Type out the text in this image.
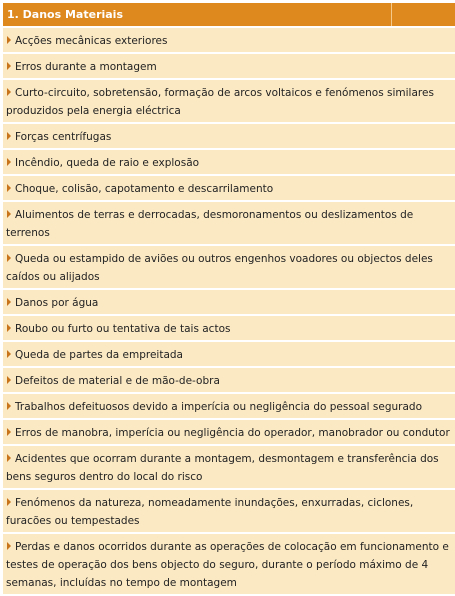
1. Danos Materiais	
Acções mecânicas exteriores
Erros durante a montagem
Curto-circuito, sobretensão, formação de arcos voltaicos e fenómenos similares produzidos pela energia eléctrica
Forças centrífugas
Incêndio, queda de raio e explosão
Choque, colisão, capotamento e descarrilamento
Aluimentos de terras e derrocadas, desmoronamentos ou deslizamentos de terrenos
Queda ou estampido de aviões ou outros engenhos voadores ou objectos deles caídos ou alijados
Danos por água
Roubo ou furto ou tentativa de tais actos
Queda de partes da empreitada
Defeitos de material e de mão-de-obra
Trabalhos defeituosos devido a imperícia ou negligência do pessoal segurado
Erros de manobra, imperícia ou negligência do operador, manobrador ou condutor
Acidentes que ocorram durante a montagem, desmontagem e transferência dos bens seguros dentro do local do risco
Fenómenos da natureza, nomeadamente inundações, enxurradas, ciclones, furacões ou tempestades
Perdas e danos ocorridos durante as operações de colocação em funcionamento e testes de operação dos bens objecto do seguro, durante o período máximo de 4 semanas, incluídas no tempo de montagem
